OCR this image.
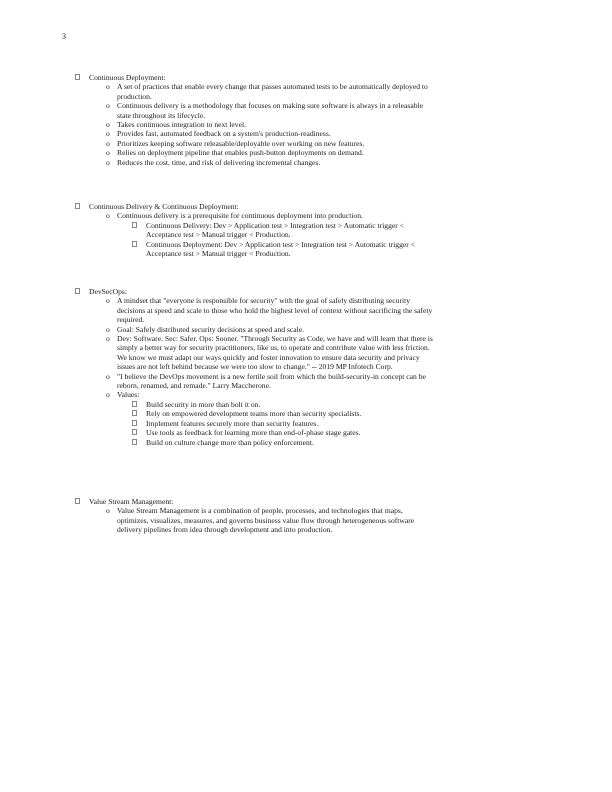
3
Continuous Deployment:
o A set of practices that enable every change that passes automated tests to be automatically deployed to production.
o Continuous delivery is a methodology that focuses on making sure software is always in a releasable state throughout its lifecycle.
o Takes continuous integration to next level.
o Provides fast, automated feedback on a system's production-readiness.
o Prioritizes keeping software releasable/deployable over working on new features.
o Relies on deployment pipeline that enables push-button deployments on demand.
o Reduces the cost, time, and risk of delivering incremental changes.
Continuous Delivery & Continuous Deployment:
o Continuous delivery is a prerequisite for continuous deployment into production.
Continuous Delivery: Dev > Application test > Integration test > Automatic trigger < Acceptance test > Manual trigger < Production.
Continuous Deployment: Dev > Application test > Integration test > Automatic trigger < Acceptance test > Manual trigger < Production.
DevSecOps:
o A mindset that "everyone is responsible for security" with the goal of safely distributing security decisions at speed and scale to those who hold the highest level of context without sacrificing the safety required.
o Goal: Safely distributed security decisions at speed and scale.
o Dev: Software. Sec: Safer. Ops: Sooner. "Through Security as Code, we have and will learn that there is simply a better way for security practitioners, like us, to operate and contribute value with less friction. We know we must adapt our ways quickly and foster innovation to ensure data security and privacy issues are not left behind because we were too slow to change." -- 2019 MP Infotech Corp.
o "I believe the DevOps movement is a new fertile soil from which the build-security-in concept can be reborn, renamed, and remade." Larry Maccherone.
o Values:
Build security in more than bolt it on.
Rely on empowered development teams more than security specialists.
Implement features securely more than security features.
Use tools as feedback for learning more than end-of-phase stage gates.
Build on culture change more than policy enforcement.
Value Stream Management:
o Value Stream Management is a combination of people, processes, and technologies that maps, optimizes, visualizes, measures, and governs business value flow through heterogeneous software delivery pipelines from idea through development and into production.
